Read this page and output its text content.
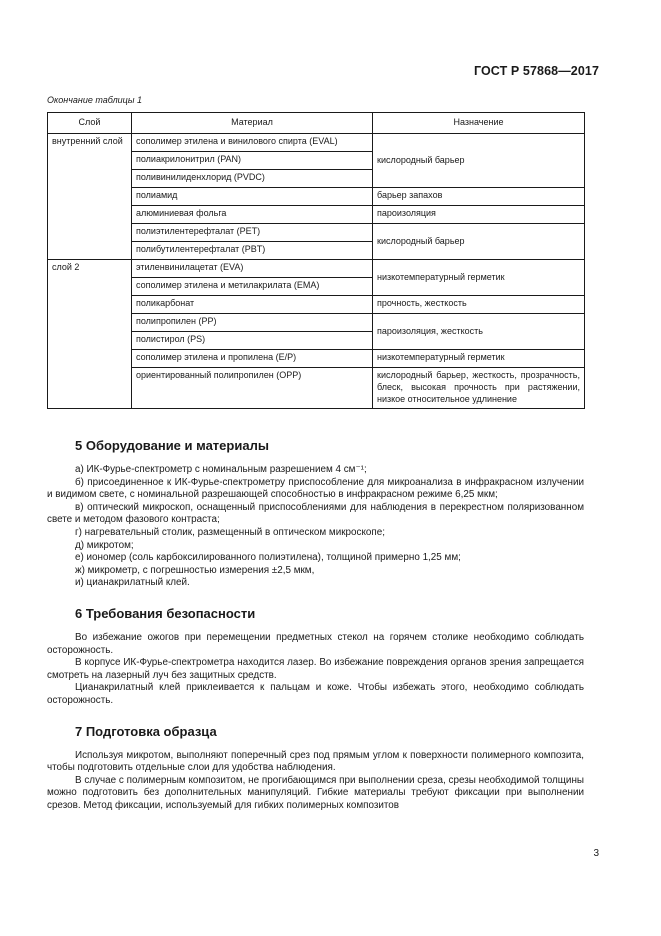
ГОСТ Р 57868—2017
Окончание таблицы 1
Слой	Материал	Назначение
внутренний слой	сополимер этилена и винилового спирта (EVAL)	кислородный барьер
	полиакрилонитрил (PAN)	
	поливинилиденхлорид (PVDC)	
	полиамид	барьер запахов
	алюминиевая фольга	пароизоляция
	полиэтилентерефталат (PET)	кислородный барьер
	полибутилентерефталат (PBT)	
слой 2	этиленвинилацетат (EVA)	низкотемпературный герметик
	сополимер этилена и метилакрилата (EMA)	
	поликарбонат	прочность, жесткость
	полипропилен (PP)	пароизоляция, жесткость
	полистирол (PS)	
	сополимер этилена и пропилена (E/P)	низкотемпературный герметик
	ориентированный полипропилен (OPP)	кислородный барьер, жесткость, прозрачность, блеск, высокая прочность при растяжении, низкое относительное удлинение
5 Оборудование и материалы

а) ИК-Фурье-спектрометр с номинальным разрешением 4 см⁻¹;

б) присоединенное к ИК-Фурье-спектрометру приспособление для микроанализа в инфракрасном излучении и видимом свете, с номинальной разрешающей способностью в инфракрасном режиме 6,25 мкм;

в) оптический микроскоп, оснащенный приспособлениями для наблюдения в перекрестном поляризованном свете и методом фазового контраста;

г) нагревательный столик, размещенный в оптическом микроскопе;

д) микротом;

е) иономер (соль карбоксилированного полиэтилена), толщиной примерно 1,25 мм;

ж) микрометр, с погрешностью измерения ±2,5 мкм,

и) цианакрилатный клей.

6 Требования безопасности

Во избежание ожогов при перемещении предметных стекол на горячем столике необходимо соблюдать осторожность.

В корпусе ИК-Фурье-спектрометра находится лазер. Во избежание повреждения органов зрения запрещается смотреть на лазерный луч без защитных средств.

Цианакрилатный клей приклеивается к пальцам и коже. Чтобы избежать этого, необходимо соблюдать осторожность.

7 Подготовка образца

Используя микротом, выполняют поперечный срез под прямым углом к поверхности полимерного композита, чтобы подготовить отдельные слои для удобства наблюдения.

В случае с полимерным композитом, не прогибающимся при выполнении среза, срезы необходимой толщины можно подготовить без дополнительных манипуляций. Гибкие материалы требуют фиксации при выполнении срезов. Метод фиксации, используемый для гибких полимерных композитов

3
